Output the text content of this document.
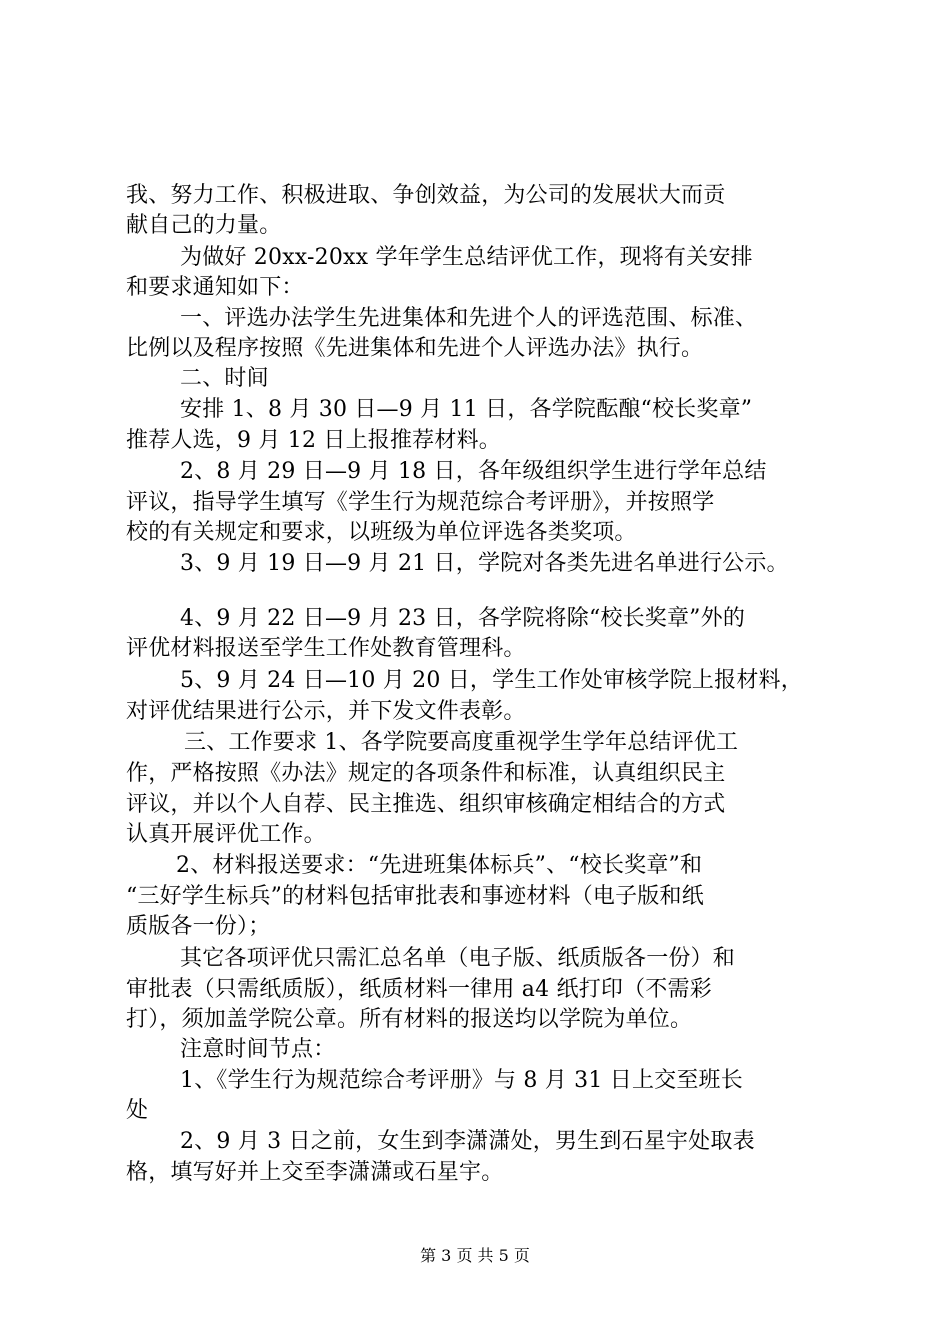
我、努力工作、积极进取、争创效益，为公司的发展状大而贡
献自己的力量。
为做好 20xx-20xx 学年学生总结评优工作，现将有关安排
和要求通知如下：
一、评选办法学生先进集体和先进个人的评选范围、标准、
比例以及程序按照《先进集体和先进个人评选办法》执行。
二、时间
安排 1、8 月 30 日—9 月 11 日，各学院酝酿“校长奖章”
推荐人选，9 月 12 日上报推荐材料。
2、8 月 29 日—9 月 18 日，各年级组织学生进行学年总结
评议，指导学生填写《学生行为规范综合考评册》，并按照学
校的有关规定和要求，以班级为单位评选各类奖项。
3、9 月 19 日—9 月 21 日，学院对各类先进名单进行公示。
4、9 月 22 日—9 月 23 日，各学院将除“校长奖章”外的
评优材料报送至学生工作处教育管理科。
5、9 月 24 日—10 月 20 日，学生工作处审核学院上报材料，
对评优结果进行公示，并下发文件表彰。
三、工作要求 1、各学院要高度重视学生学年总结评优工
作，严格按照《办法》规定的各项条件和标准，认真组织民主
评议，并以个人自荐、民主推选、组织审核确定相结合的方式
认真开展评优工作。
2、材料报送要求：“先进班集体标兵”、“校长奖章”和
“三好学生标兵”的材料包括审批表和事迹材料（电子版和纸
质版各一份）；
其它各项评优只需汇总名单（电子版、纸质版各一份）和
审批表（只需纸质版），纸质材料一律用 a4 纸打印（不需彩
打），须加盖学院公章。所有材料的报送均以学院为单位。
注意时间节点：
1、《学生行为规范综合考评册》与 8 月 31 日上交至班长
处
2、9 月 3 日之前，女生到李潇潇处，男生到石星宇处取表
格，填写好并上交至李潇潇或石星宇。
第 3 页 共 5 页
